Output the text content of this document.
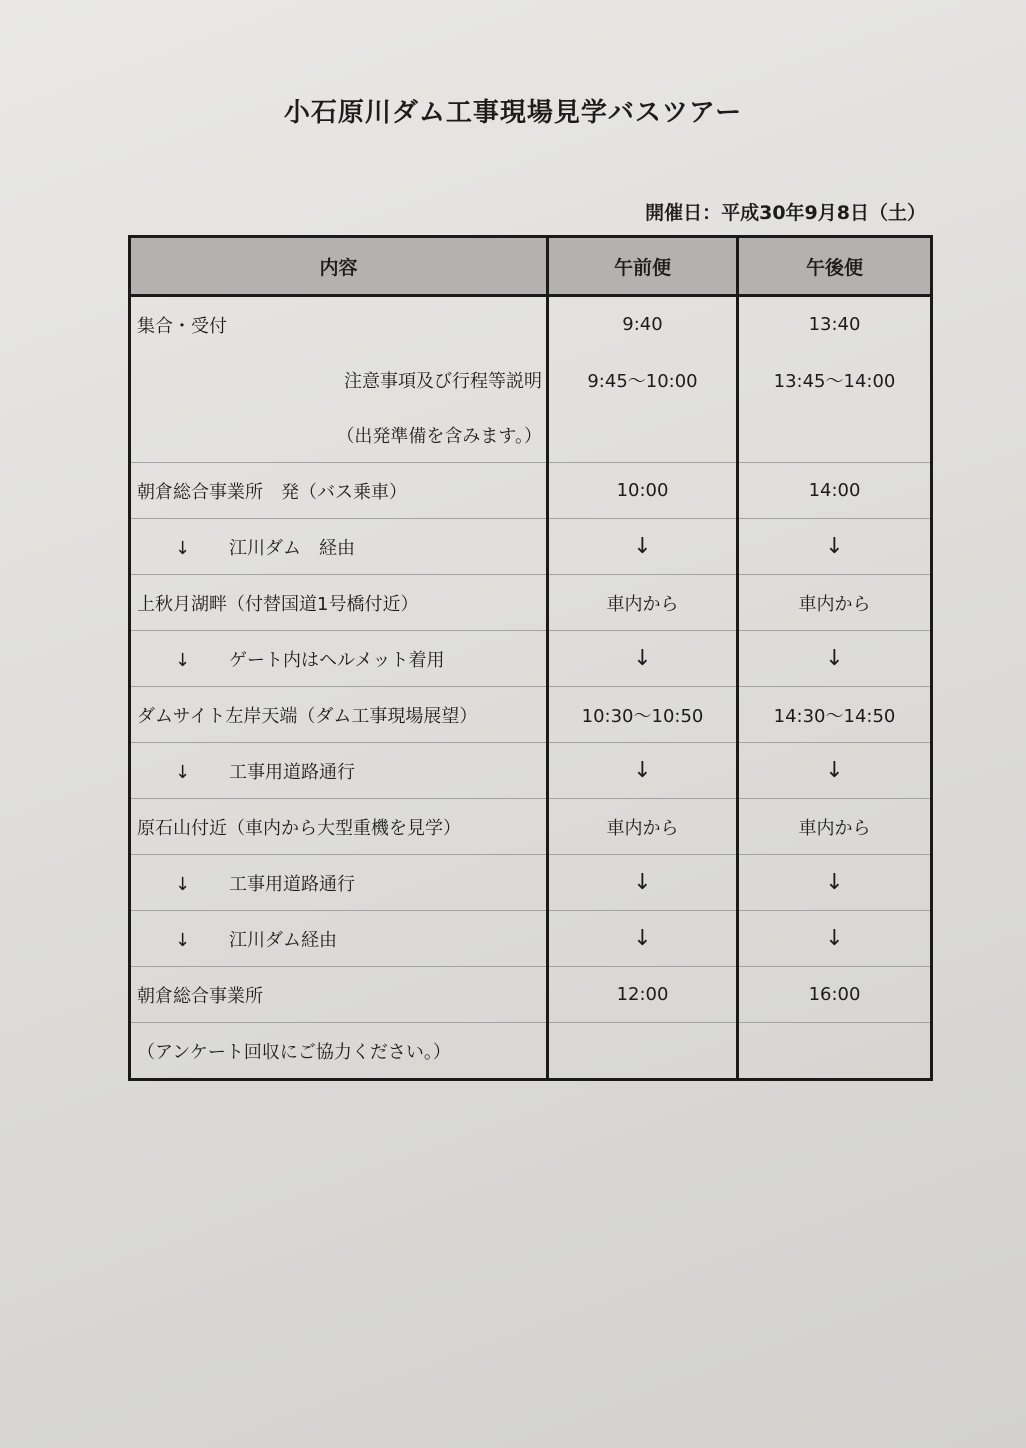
小石原川ダム工事現場見学バスツアー
開催日：平成30年9月8日（土）
内容	午前便	午後便
集合・受付	9:40	13:40
注意事項及び行程等説明	9:45〜10:00	13:45〜14:00
（出発準備を含みます。）		
朝倉総合事業所　発（バス乗車）	10:00	14:00
↓ 江川ダム　経由	↓	↓
上秋月湖畔（付替国道1号橋付近）	車内から	車内から
↓ ゲート内はヘルメット着用	↓	↓
ダムサイト左岸天端（ダム工事現場展望）	10:30〜10:50	14:30〜14:50
↓ 工事用道路通行	↓	↓
原石山付近（車内から大型重機を見学）	車内から	車内から
↓ 工事用道路通行	↓	↓
↓ 江川ダム経由	↓	↓
朝倉総合事業所	12:00	16:00
（アンケート回収にご協力ください。）		
